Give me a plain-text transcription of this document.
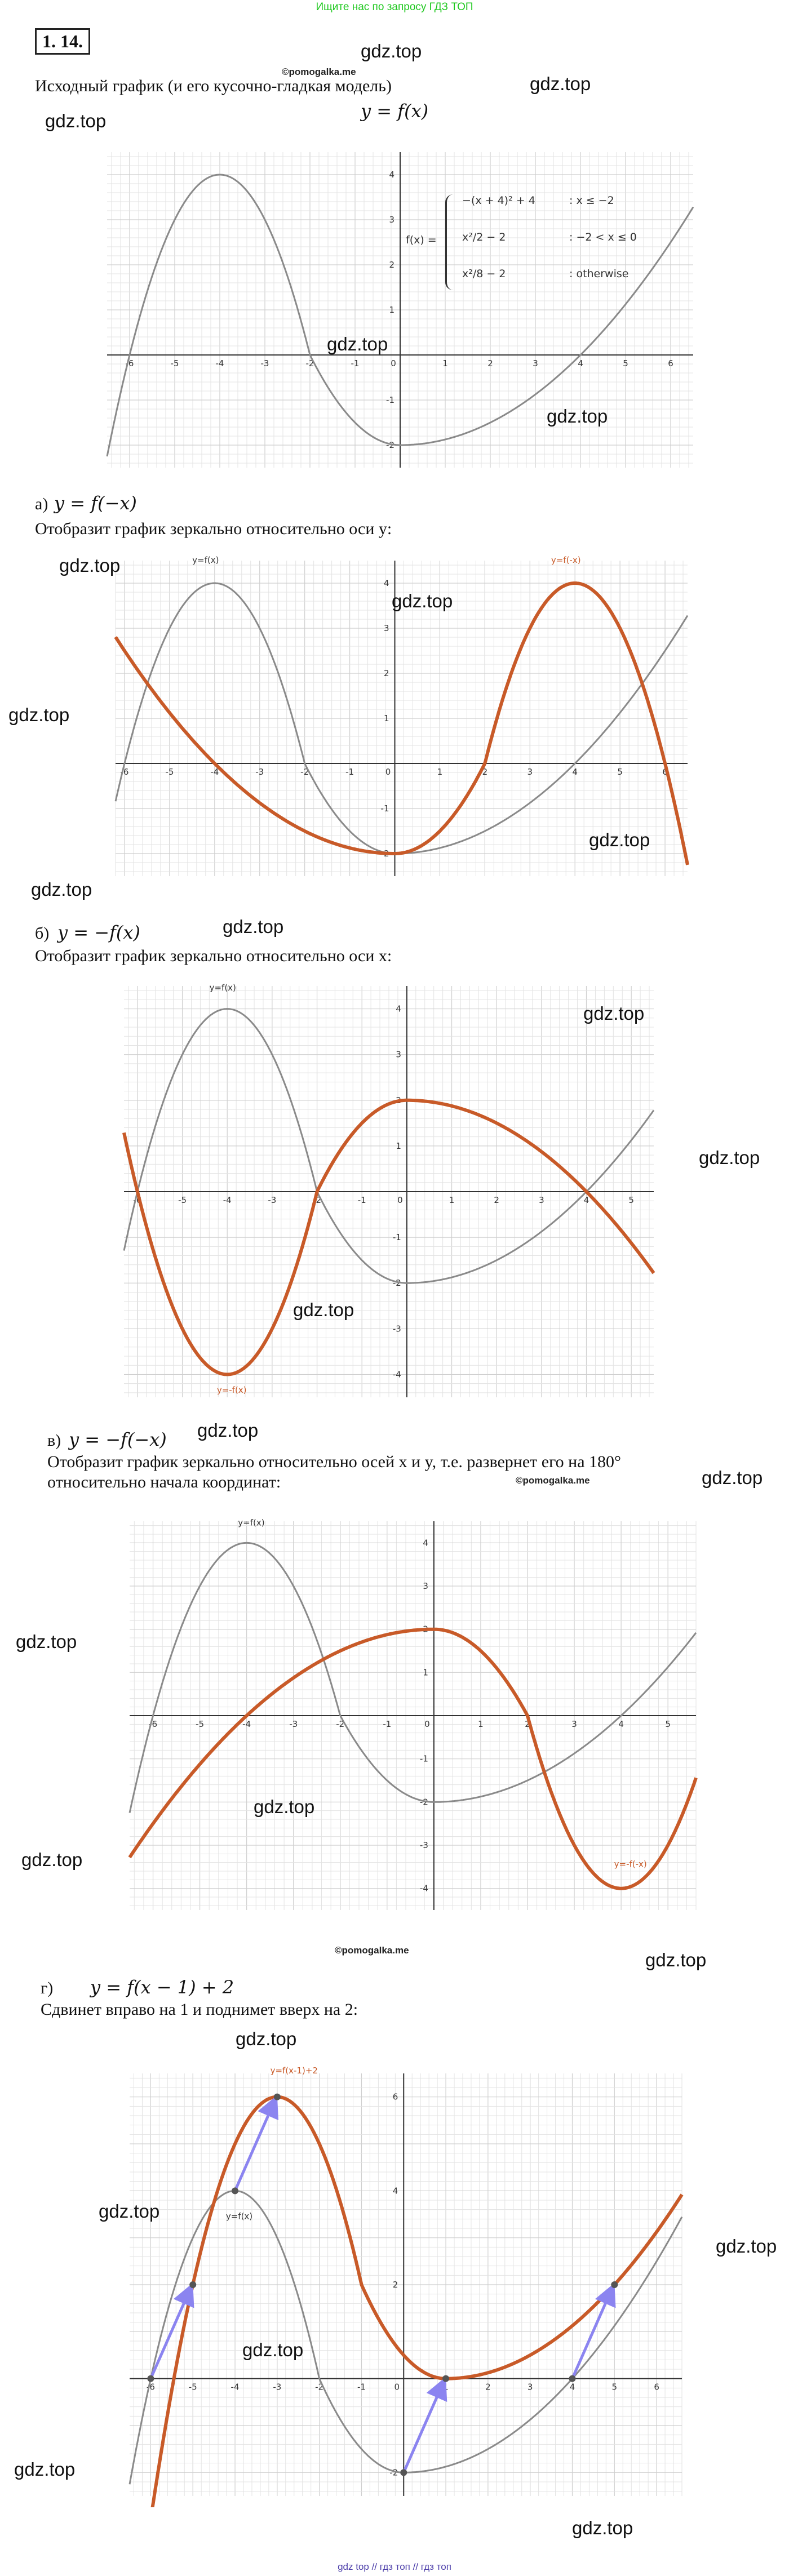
Ищите нас по запросу ГДЗ ТОП
1. 14.
©pomogalka.me
gdz.top
Исходный график (и его кусочно-гладкая модель)	gdz.top
y = f(x)
gdz.top
-6	-5	-4	-3	-2	-1	0	1	2	3	4	5	6
-2
-1
1
2
3
4
f(x) =
−(x + 4)² + 4	: x ≤ −2
x²/2 − 2	: −2 < x ≤ 0
x²/8 − 2	: otherwise
gdz.top
gdz.top
а) y = f(−x)
Отобразит график зеркально относительно оси y:
-6	-5	-4	-3	-2	-1	0	1	2	3	4	5	6
-2
-1
1
2
3
4
y=f(x)	y=f(-x)
gdz.top
gdz.top
gdz.top
gdz.top
gdz.top
gdz.top
б) y = −f(x)
Отобразит график зеркально относительно оси x:
-6	-5	-4	-3	-2	-1	0	1	2	3	4	5
-4
-3
-2
-1
1
2
3
4
y=f(x)
y=-f(x)
gdz.top
gdz.top
gdz.top
gdz.top
в) y = −f(−x)
Отобразит график зеркально относительно осей x и y, т.е. развернет его на 180°
gdz.top
©pomogalka.me
относительно начала координат:
-6	-5	-4	-3	-2	-1	0	1	2	3	4	5
-4
-3
-2
-1
1
2
3
4
y=f(x)
y=-f(-x)
gdz.top
gdz.top
gdz.top
©pomogalka.me	gdz.top
г) y = f(x − 1) + 2
Сдвинет вправо на 1 и поднимет вверх на 2:
gdz.top
-6	-5	-4	-3	-2	-1	0	1	2	3	4	5	6
-2
2
4
6
y=f(x)
y=f(x-1)+2
gdz.top
gdz.top
gdz.top
gdz.top
gdz.top
gdz top // гдз топ // гдз топ
